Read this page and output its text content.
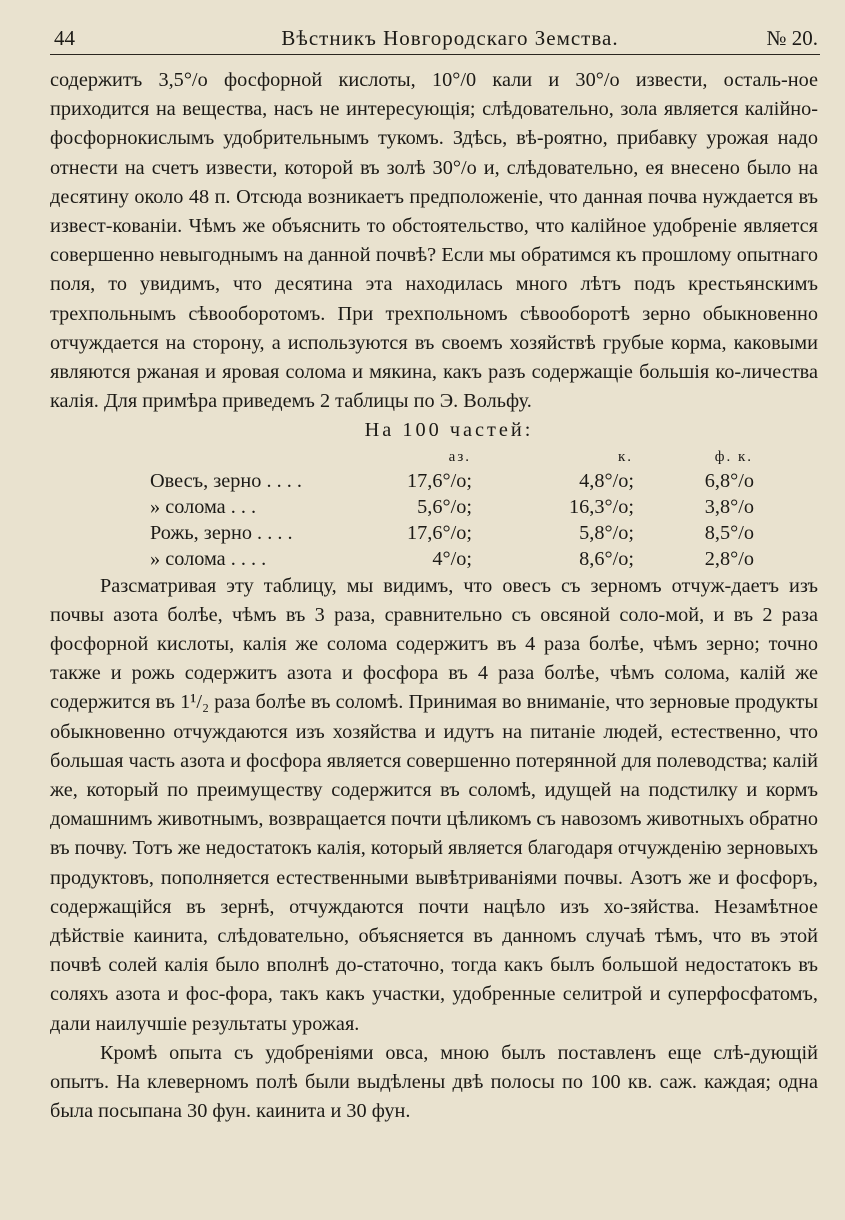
44	Вѣстникъ Новгородскаго Земства.	№ 20.

содержитъ 3,5°/о фосфорной кислоты, 10°/0 кали и 30°/о извести, осталь-ное приходится на вещества, насъ не интересующія; слѣдовательно, зола является калійно-фосфорнокислымъ удобрительнымъ тукомъ. Здѣсь, вѣ-роятно, прибавку урожая надо отнести на счетъ извести, которой въ золѣ 30°/о и, слѣдовательно, ея внесено было на десятину около 48 п. Отсюда возникаетъ предположеніе, что данная почва нуждается въ извест-кованіи. Чѣмъ же объяснить то обстоятельство, что калійное удобреніе является совершенно невыгоднымъ на данной почвѣ? Если мы обратимся къ прошлому опытнаго поля, то увидимъ, что десятина эта находилась много лѣтъ подъ крестьянскимъ трехпольнымъ сѣвооборотомъ. При трехпольномъ сѣвооборотѣ зерно обыкновенно отчуждается на сторону, а используются въ своемъ хозяйствѣ грубые корма, каковыми являются ржаная и яровая солома и мякина, какъ разъ содержащіе большія ко-личества калія. Для примѣра приведемъ 2 таблицы по Э. Вольфу.

На 100 частей:

	аз.	к.	ф. к.
Овесъ, зерно . . . .	17,6°/о;	4,8°/о;	6,8°/о
» солома . . .	5,6°/о;	16,3°/о;	3,8°/о
Рожь, зерно . . . .	17,6°/о;	5,8°/о;	8,5°/о
» солома . . . .	4°/о;	8,6°/о;	2,8°/о

Разсматривая эту таблицу, мы видимъ, что овесъ съ зерномъ отчуж-даетъ изъ почвы азота болѣе, чѣмъ въ 3 раза, сравнительно съ овсяной соло-мой, и въ 2 раза фосфорной кислоты, калія же солома содержитъ въ 4 раза болѣе, чѣмъ зерно; точно также и рожь содержитъ азота и фосфора въ 4 раза болѣе, чѣмъ солома, калій же содержится въ 1¹/₂ раза болѣе въ соломѣ. Принимая во вниманіе, что зерновые продукты обыкновенно отчуждаются изъ хозяйства и идутъ на питаніе людей, естественно, что большая часть азота и фосфора является совершенно потерянной для полеводства; калій же, который по преимуществу содержится въ соломѣ, идущей на подстилку и кормъ домашнимъ животнымъ, возвращается почти цѣликомъ съ навозомъ животныхъ обратно въ почву. Тотъ же недостатокъ калія, который является благодаря отчужденію зерновыхъ продуктовъ, пополняется естественными вывѣтриваніями почвы. Азотъ же и фосфоръ, содержащійся въ зернѣ, отчуждаются почти нацѣло изъ хо-зяйства. Незамѣтное дѣйствіе каинита, слѣдовательно, объясняется въ данномъ случаѣ тѣмъ, что въ этой почвѣ солей калія было вполнѣ до-статочно, тогда какъ былъ большой недостатокъ въ соляхъ азота и фос-фора, такъ какъ участки, удобренные селитрой и суперфосфатомъ, дали наилучшіе результаты урожая.

Кромѣ опыта съ удобреніями овса, мною былъ поставленъ еще слѣ-дующій опытъ. На клеверномъ полѣ были выдѣлены двѣ полосы по 100 кв. саж. каждая; одна была посыпана 30 фун. каинита и 30 фун.
